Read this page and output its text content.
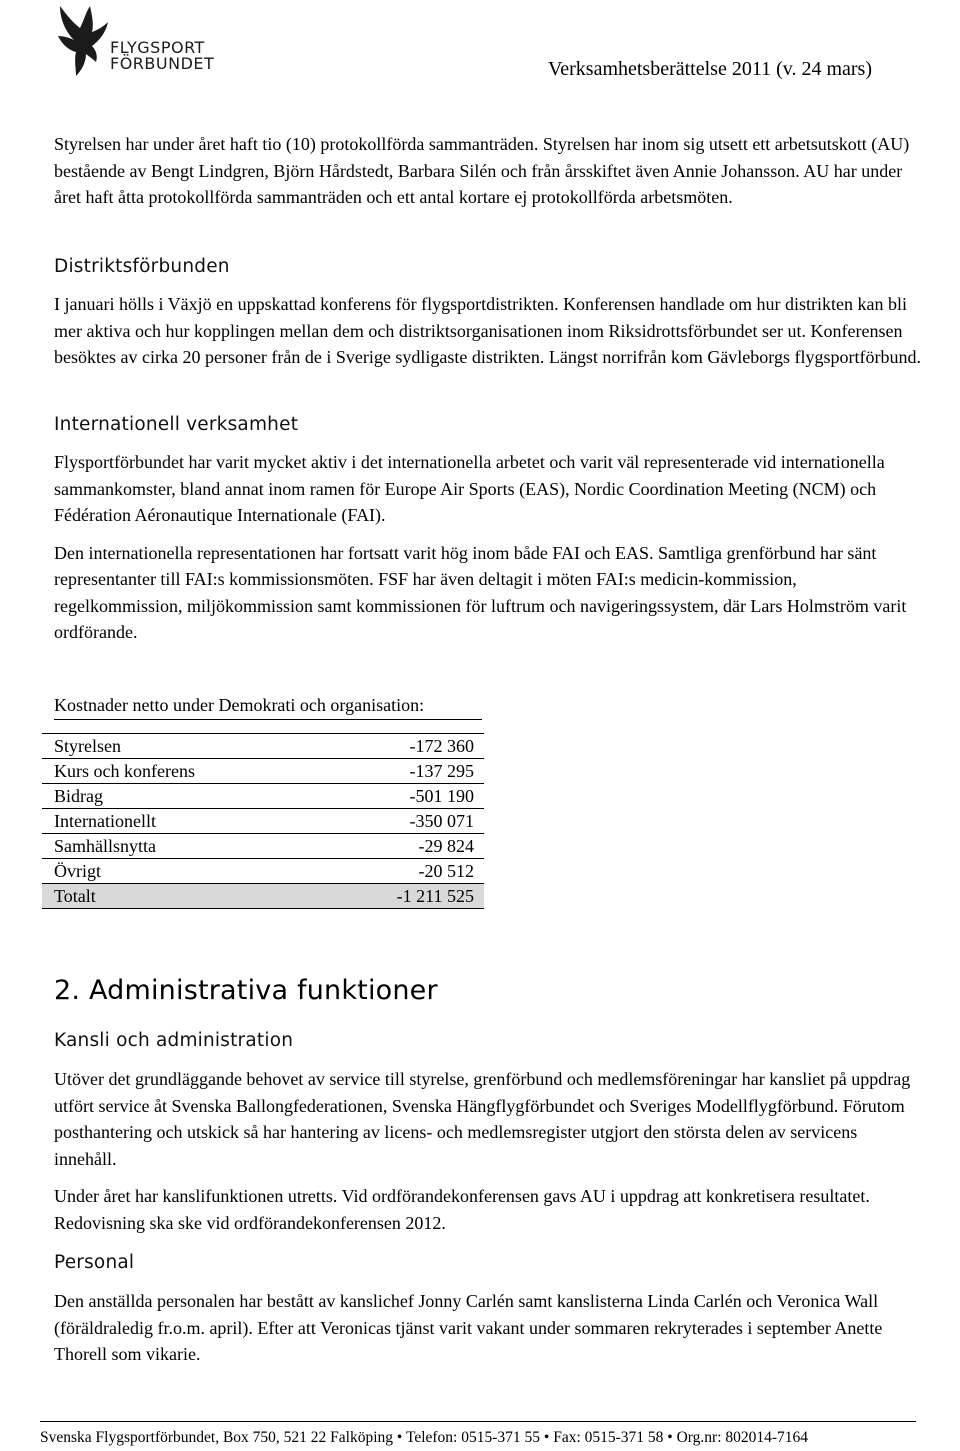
FLYGSPORT
FÖRBUNDET	Verksamhetsberättelse 2011 (v. 24 mars)

Styrelsen har under året haft tio (10) protokollförda sammanträden. Styrelsen har inom sig utsett ett arbetsutskott (AU) bestående av Bengt Lindgren, Björn Hårdstedt, Barbara Silén och från årsskiftet även Annie Johansson. AU har under året haft åtta protokollförda sammanträden och ett antal kortare ej protokollförda arbetsmöten.

Distriktsförbunden

I januari hölls i Växjö en uppskattad konferens för flygsportdistrikten. Konferensen handlade om hur distrikten kan bli mer aktiva och hur kopplingen mellan dem och distriktsorganisationen inom Riksidrottsförbundet ser ut. Konferensen besöktes av cirka 20 personer från de i Sverige sydligaste distrikten. Längst norrifrån kom Gävleborgs flygsportförbund.

Internationell verksamhet

Flysportförbundet har varit mycket aktiv i det internationella arbetet och varit väl representerade vid internationella sammankomster, bland annat inom ramen för Europe Air Sports (EAS), Nordic Coordination Meeting (NCM) och Fédération Aéronautique Internationale (FAI).

Den internationella representationen har fortsatt varit hög inom både FAI och EAS. Samtliga grenförbund har sänt representanter till FAI:s kommissionsmöten. FSF har även deltagit i möten FAI:s medicin-kommission, regelkommission, miljökommission samt kommissionen för luftrum och navigeringssystem, där Lars Holmström varit ordförande.

Kostnader netto under Demokrati och organisation:
Styrelsen	-172 360
Kurs och konferens	-137 295
Bidrag	-501 190
Internationellt	-350 071
Samhällsnytta	-29 824
Övrigt	-20 512
Totalt	-1 211 525
2. Administrativa funktioner
Kansli och administration

Utöver det grundläggande behovet av service till styrelse, grenförbund och medlemsföreningar har kansliet på uppdrag utfört service åt Svenska Ballongfederationen, Svenska Hängflygförbundet och Sveriges Modellflygförbund. Förutom posthantering och utskick så har hantering av licens- och medlemsregister utgjort den största delen av servicens innehåll.

Under året har kanslifunktionen utretts. Vid ordförandekonferensen gavs AU i uppdrag att konkretisera resultatet. Redovisning ska ske vid ordförandekonferensen 2012.

Personal

Den anställda personalen har bestått av kanslichef Jonny Carlén samt kanslisterna Linda Carlén och Veronica Wall (föräldraledig fr.o.m. april). Efter att Veronicas tjänst varit vakant under sommaren rekryterades i september Anette Thorell som vikarie.

Svenska Flygsportförbundet, Box 750, 521 22 Falköping • Telefon: 0515-371 55 • Fax: 0515-371 58 • Org.nr: 802014-7164
